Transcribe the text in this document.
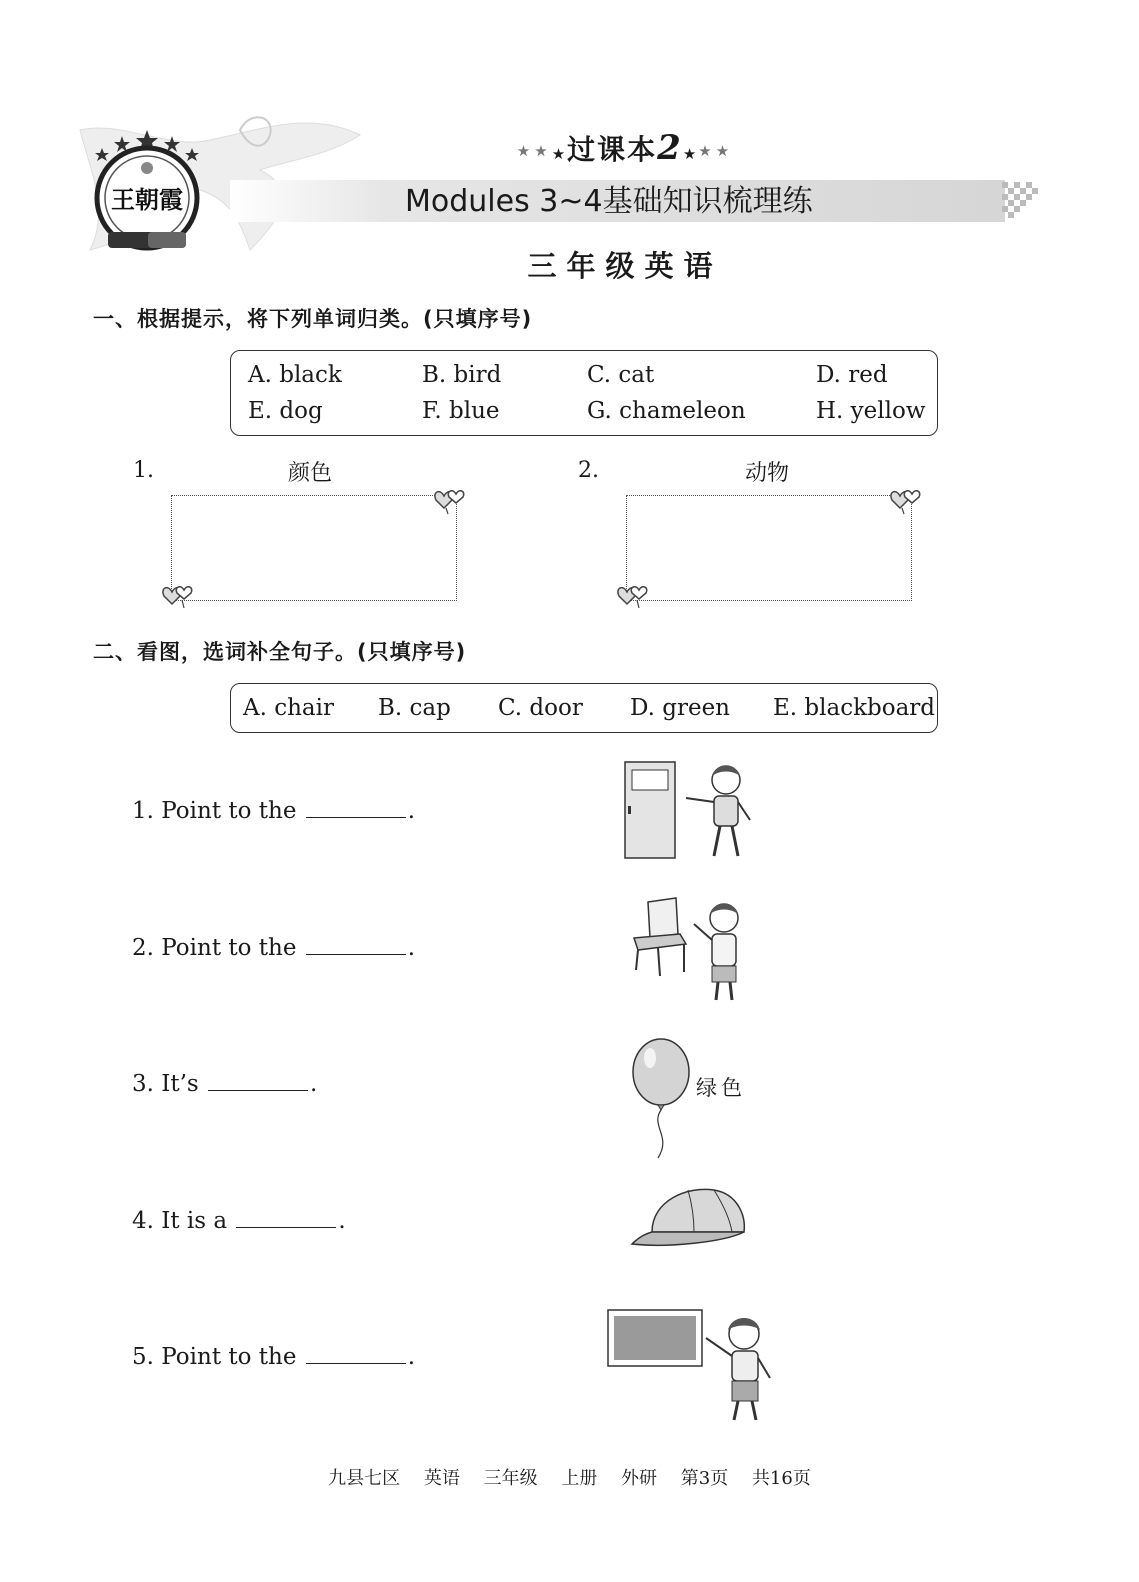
王朝霞
★★★过课本2★★★
Modules 3~4基础知识梳理练
三年级英语
一、根据提示，将下列单词归类。(只填序号)
A. black	B. bird	C. cat	D. red
E. dog	F. blue	G. chameleon	H. yellow
1.	颜色	2.	动物
二、看图，选词补全句子。(只填序号)
A. chair B. cap C. door D. green E. blackboard
1. Point to the	.
2. Point to the	.
3. It’s	.
4. It is a	.
5. Point to the	.
绿色
九县七区 英语 三年级 上册 外研 第3页 共16页
